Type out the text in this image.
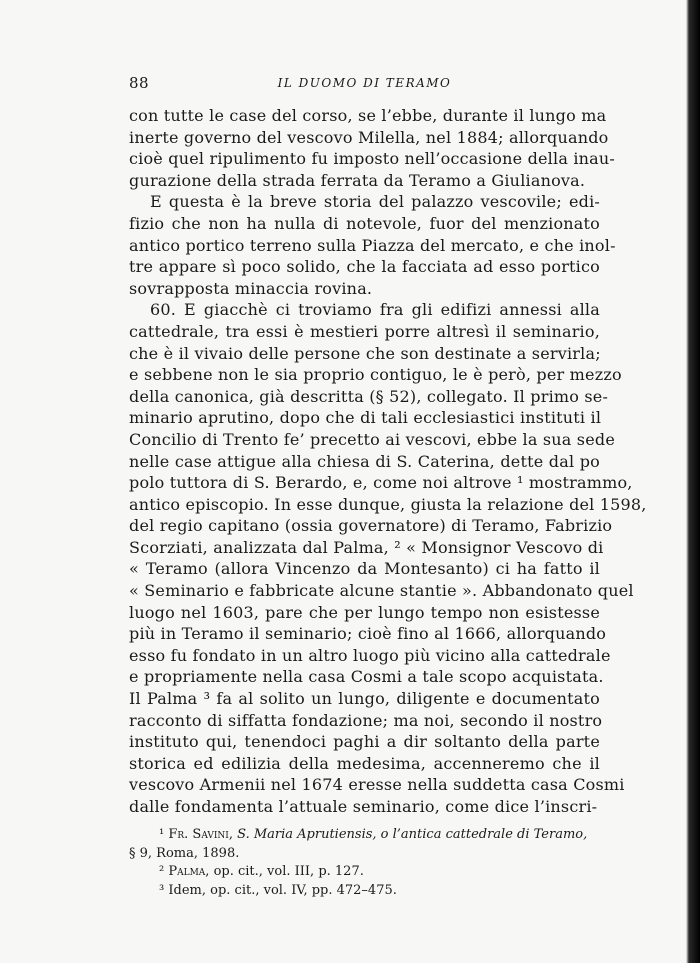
88	IL DUOMO DI TERAMO
con tutte le case del corso, se l’ebbe, durante il lungo ma
inerte governo del vescovo Milella, nel 1884; allorquando
cioè quel ripulimento fu imposto nell’occasione della inau-
gurazione della strada ferrata da Teramo a Giulianova.
E questa è la breve storia del palazzo vescovile; edi-
fizio che non ha nulla di notevole, fuor del menzionato
antico portico terreno sulla Piazza del mercato, e che inol-
tre appare sì poco solido, che la facciata ad esso portico
sovrapposta minaccia rovina.
60. E giacchè ci troviamo fra gli edifizi annessi alla
cattedrale, tra essi è mestieri porre altresì il seminario,
che è il vivaio delle persone che son destinate a servirla;
e sebbene non le sia proprio contiguo, le è però, per mezzo
della canonica, già descritta (§ 52), collegato. Il primo se-
minario aprutino, dopo che di tali ecclesiastici instituti il
Concilio di Trento fe’ precetto ai vescovi, ebbe la sua sede
nelle case attigue alla chiesa di S. Caterina, dette dal po
polo tuttora di S. Berardo, e, come noi altrove ¹ mostrammo,
antico episcopio. In esse dunque, giusta la relazione del 1598,
del regio capitano (ossia governatore) di Teramo, Fabrizio
Scorziati, analizzata dal Palma, ² « Monsignor Vescovo di
« Teramo (allora Vincenzo da Montesanto) ci ha fatto il
« Seminario e fabbricate alcune stantie ». Abbandonato quel
luogo nel 1603, pare che per lungo tempo non esistesse
più in Teramo il seminario; cioè fino al 1666, allorquando
esso fu fondato in un altro luogo più vicino alla cattedrale
e propriamente nella casa Cosmi a tale scopo acquistata.
Il Palma ³ fa al solito un lungo, diligente e documentato
racconto di siffatta fondazione; ma noi, secondo il nostro
instituto qui, tenendoci paghi a dir soltanto della parte
storica ed edilizia della medesima, accenneremo che il
vescovo Armenii nel 1674 eresse nella suddetta casa Cosmi
dalle fondamenta l’attuale seminario, come dice l’inscri-
¹ Fr. Savini, S. Maria Aprutiensis, o l’antica cattedrale di Teramo,
§ 9, Roma, 1898.
² Palma, op. cit., vol. III, p. 127.
³ Idem, op. cit., vol. IV, pp. 472–475.
